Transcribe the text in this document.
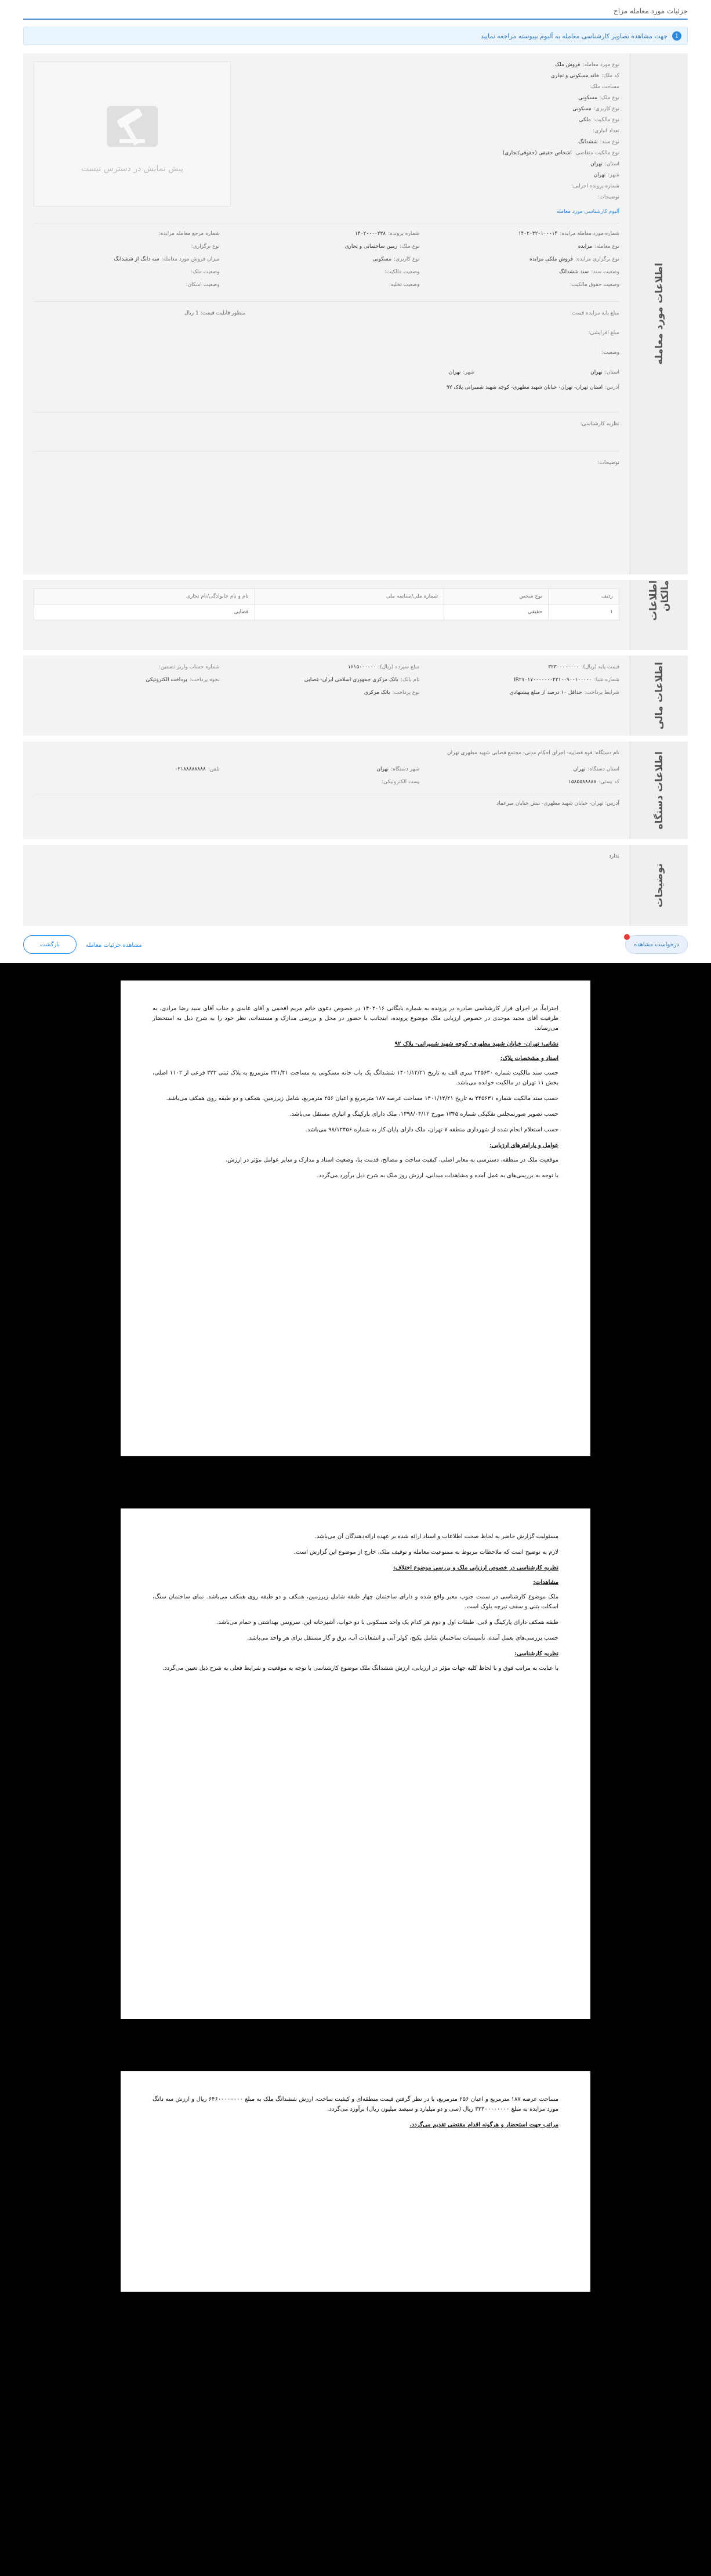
جزئیات مورد معامله مزاح
i
جهت مشاهده تصاویر کارشناسی معامله به آلبوم بپیوسته مراجعه نمایید
اطلاعات مورد معامله
پیش نمایش در دسترس نیست
نوع مورد معامله:فروش ملک
کد ملک:خانه مسکونی و تجاری
مساحت ملک:
نوع ملک:مسکونی
نوع کاربری:مسکونی
نوع مالکیت:ملکی
تعداد انباری:
نوع سند:ششدانگ
نوع مالکیت متقاضی:اشخاص حقیقی (حقوقی/تجاری)
استان:تهران
شهر:تهران
شماره پرونده اجرایی:
توضیحات:
آلبوم کارشناسی مورد معامله
شماره مورد معامله مزایده:۱۴۰۲۰۳۲۰۱۰۰۰۱۴
شماره پرونده:۱۴۰۲۰۰۰۰۲۳۸
شماره مرجع معامله مزایده:
نوع معامله:مزایده
نوع ملک:زمین ساختمانی و تجاری
نوع برگزاری:
نوع برگزاری مزایده:فروش ملکی مزایده
نوع کاربری:مسکونی
میزان فروش مورد معامله:سه دانگ از ششدانگ
وضعیت سند:سند ششدانگ
وضعیت مالکیت:
وضعیت ملک:
وضعیت حقوق مالکیت:
وضعیت تخلیه:
وضعیت اسکان:
مبلغ پایه مزایده قیمت:
منظور قابلیت قیمت: 1 ریال
مبلغ افزایشی:
وضعیت:
استان:تهران
شهر:تهران
آدرس:استان تهران- تهران- خیابان شهید مطهری- کوچه شهید شمیرانی پلاک ۹۲
نظریه کارشناسی:
توضیحات:
اطلاعات مالکان
ردیف	نوع شخص	شماره ملی/شناسه ملی	نام و نام خانوادگی/نام تجاری
۱	حقیقی		قضایی
اطلاعات مالی
قیمت پایه (ریال):۳۲۳۰۰۰۰۰۰۰۰
مبلغ سپرده (ریال):۱۶۱۵۰۰۰۰۰۰
شماره حساب واریز تضمین:
شماره شبا:IR۲۷۰۱۷۰۰۰۰۰۰۰۲۲۱۰۰۹۰۰۱۰۰۰۰۰
نام بانک:بانک مرکزی جمهوری اسلامی ایران- قضایی
نحوه پرداخت:پرداخت الکترونیکی
شرایط پرداخت:حداقل ۱۰ درصد از مبلغ پیشنهادی
نوع پرداخت:بانک مرکزی
اطلاعات دستگاه
نام دستگاه: قوه قضاییه- اجرای احکام مدنی- مجتمع قضایی شهید مطهری تهران
استان دستگاه:تهران
شهر دستگاه:تهران
تلفن:۰۲۱۸۸۸۸۸۸۸۸
کد پستی:۱۵۸۵۵۸۸۸۸۸
پست الکترونیکی:
آدرس: تهران- خیابان شهید مطهری- نبش خیابان میرعماد
توضیحات
ندارد
درخواست مشاهده
مشاهده جزئیات معامله
بازگشت

احتراماً، در اجرای قرار کارشناسی صادره در پرونده به شماره بایگانی ۱۴۰۲۰۱۶ در خصوص دعوی خانم مریم افخمی و آقای عابدی و جناب آقای سید رضا مرادی، به طرفیت آقای مجید موحدی در خصوص ارزیابی ملک موضوع پرونده، اینجانب با حضور در محل و بررسی مدارک و مستندات، نظر خود را به شرح ذیل به استحضار می‌رساند.

نشانی: تهران- خیابان شهید مطهری- کوچه شهید شمیرانی- پلاک ۹۲

اسناد و مشخصات پلاک:

حسب سند مالکیت شماره ۲۴۵۶۳۰ سری الف به تاریخ ۱۴۰۱/۱۲/۲۱ ششدانگ یک باب خانه مسکونی به مساحت ۲۲۱/۴۱ مترمربع به پلاک ثبتی ۳۲۳ فرعی از ۱۱۰۲ اصلی، بخش ۱۱ تهران در مالکیت خوانده می‌باشد.

حسب سند مالکیت شماره ۲۴۵۶۳۱ به تاریخ ۱۴۰۱/۱۲/۲۱ مساحت عرصه ۱۸۷ مترمربع و اعیان ۲۵۶ مترمربع، شامل زیرزمین، همکف و دو طبقه روی همکف می‌باشد.

حسب تصویر صورتمجلس تفکیکی شماره ۱۳۴۵ مورخ ۱۳۹۸/۰۴/۱۲، ملک دارای پارکینگ و انباری مستقل می‌باشد.

حسب استعلام انجام شده از شهرداری منطقه ۷ تهران، ملک دارای پایان کار به شماره ۹۸/۱۲۴۵۶ می‌باشد.

عوامل و پارامترهای ارزیابی:

موقعیت ملک در منطقه، دسترسی به معابر اصلی، کیفیت ساخت و مصالح، قدمت بنا، وضعیت اسناد و مدارک و سایر عوامل مؤثر در ارزش.

با توجه به بررسی‌های به عمل آمده و مشاهدات میدانی، ارزش روز ملک به شرح ذیل برآورد می‌گردد.

مسئولیت گزارش حاضر به لحاظ صحت اطلاعات و اسناد ارائه شده بر عهده ارائه‌دهندگان آن می‌باشد.

لازم به توضیح است که ملاحظات مربوط به ممنوعیت معامله و توقیف ملک، خارج از موضوع این گزارش است.

نظریه کارشناسی در خصوص ارزیابی ملک و بررسی موضوع اختلاف:

مشاهدات:

ملک موضوع کارشناسی در سمت جنوب معبر واقع شده و دارای ساختمان چهار طبقه شامل زیرزمین، همکف و دو طبقه روی همکف می‌باشد. نمای ساختمان سنگ، اسکلت بتنی و سقف تیرچه بلوک است.

طبقه همکف دارای پارکینگ و لابی، طبقات اول و دوم هر کدام یک واحد مسکونی با دو خواب، آشپزخانه اپن، سرویس بهداشتی و حمام می‌باشد.

حسب بررسی‌های بعمل آمده، تأسیسات ساختمان شامل پکیج، کولر آبی و انشعابات آب، برق و گاز مستقل برای هر واحد می‌باشد.

نظریه کارشناسی:

با عنایت به مراتب فوق و با لحاظ کلیه جهات مؤثر در ارزیابی، ارزش ششدانگ ملک موضوع کارشناسی با توجه به موقعیت و شرایط فعلی به شرح ذیل تعیین می‌گردد.

مساحت عرصه ۱۸۷ مترمربع و اعیان ۲۵۶ مترمربع، با در نظر گرفتن قیمت منطقه‌ای و کیفیت ساخت، ارزش ششدانگ ملک به مبلغ ۶۴۶۰۰۰۰۰۰۰۰ ریال و ارزش سه دانگ مورد مزایده به مبلغ ۳۲۳۰۰۰۰۰۰۰۰ ریال (سی و دو میلیارد و سیصد میلیون ریال) برآورد می‌گردد.

مراتب جهت استحضار و هرگونه اقدام مقتضی تقدیم می‌گردد.
